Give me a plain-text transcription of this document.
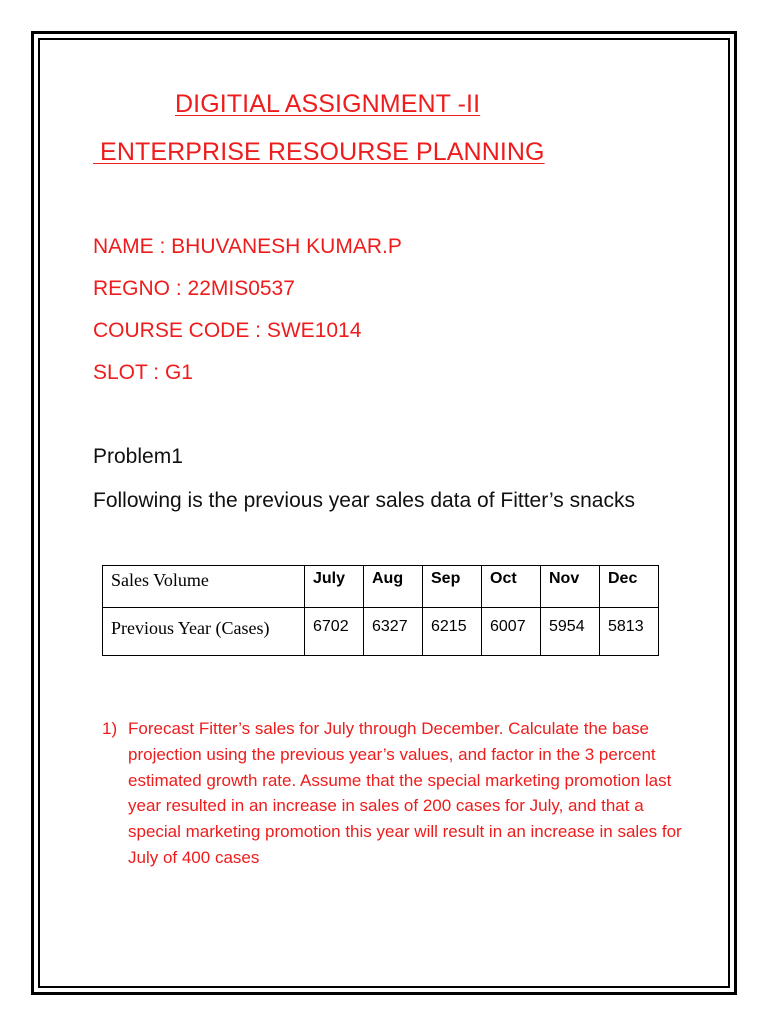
DIGITIAL ASSIGNMENT -II
ENTERPRISE RESOURSE PLANNING
NAME : BHUVANESH KUMAR.P
REGNO : 22MIS0537
COURSE CODE : SWE1014
SLOT : G1
Problem1
Following is the previous year sales data of Fitter’s snacks
Sales Volume	July	Aug	Sep	Oct	Nov	Dec
Previous Year (Cases)	6702	6327	6215	6007	5954	5813
1) Forecast Fitter’s sales for July through December. Calculate the base projection using the previous year’s values, and factor in the 3 percent estimated growth rate. Assume that the special marketing promotion last year resulted in an increase in sales of 200 cases for July, and that a special marketing promotion this year will result in an increase in sales for July of 400 cases
